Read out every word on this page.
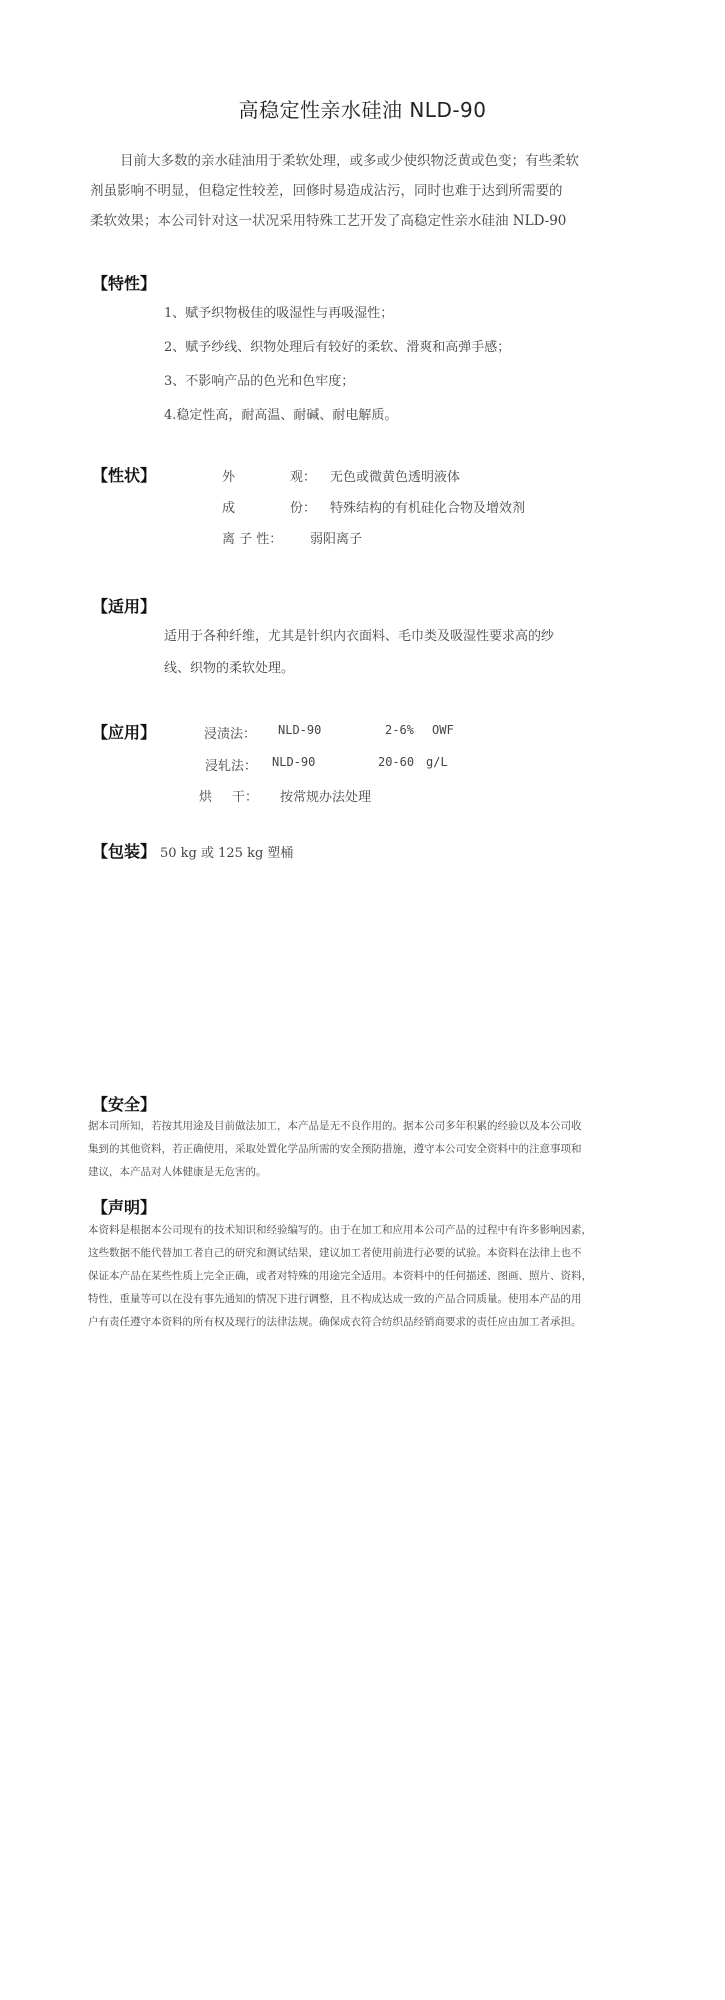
高稳定性亲水硅油 NLD-90

目前大多数的亲水硅油用于柔软处理，或多或少使织物泛黄或色变；有些柔软

剂虽影响不明显，但稳定性较差，回修时易造成沾污，同时也难于达到所需要的

柔软效果；本公司针对这一状况采用特殊工艺开发了高稳定性亲水硅油 NLD-90

【特性】
1、赋予织物极佳的吸湿性与再吸湿性；
2、赋予纱线、织物处理后有较好的柔软、滑爽和高弹手感；
3、不影响产品的色光和色牢度；
4.稳定性高，耐高温、耐碱、耐电解质。
【性状】	外	观： 无色或微黄色透明液体
成	份： 特殊结构的有机硅化合物及增效剂
离 子 性： 弱阳离子
【适用】
适用于各种纤维，尤其是针织内衣面料、毛巾类及吸湿性要求高的纱
线、织物的柔软处理。
【应用】	浸渍法： NLD-90	2-6% OWF
浸轧法： NLD-90	20-60 g/L
烘 干： 按常规办法处理
【包装】 50 kg 或 125 kg 塑桶
【安全】
据本司所知，若按其用途及目前做法加工，本产品是无不良作用的。据本公司多年积累的经验以及本公司收
集到的其他资料，若正确使用，采取处置化学品所需的安全预防措施，遵守本公司安全资料中的注意事项和
建议，本产品对人体健康是无危害的。
【声明】
本资料是根据本公司现有的技术知识和经验编写的。由于在加工和应用本公司产品的过程中有许多影响因素，
这些数据不能代替加工者自己的研究和测试结果，建议加工者使用前进行必要的试验。本资料在法律上也不
保证本产品在某些性质上完全正确，或者对特殊的用途完全适用。本资料中的任何描述、图画、照片、资料，
特性，重量等可以在没有事先通知的情况下进行调整，且不构成达成一致的产品合同质量。使用本产品的用
户有责任遵守本资料的所有权及现行的法律法规。确保成衣符合纺织品经销商要求的责任应由加工者承担。
